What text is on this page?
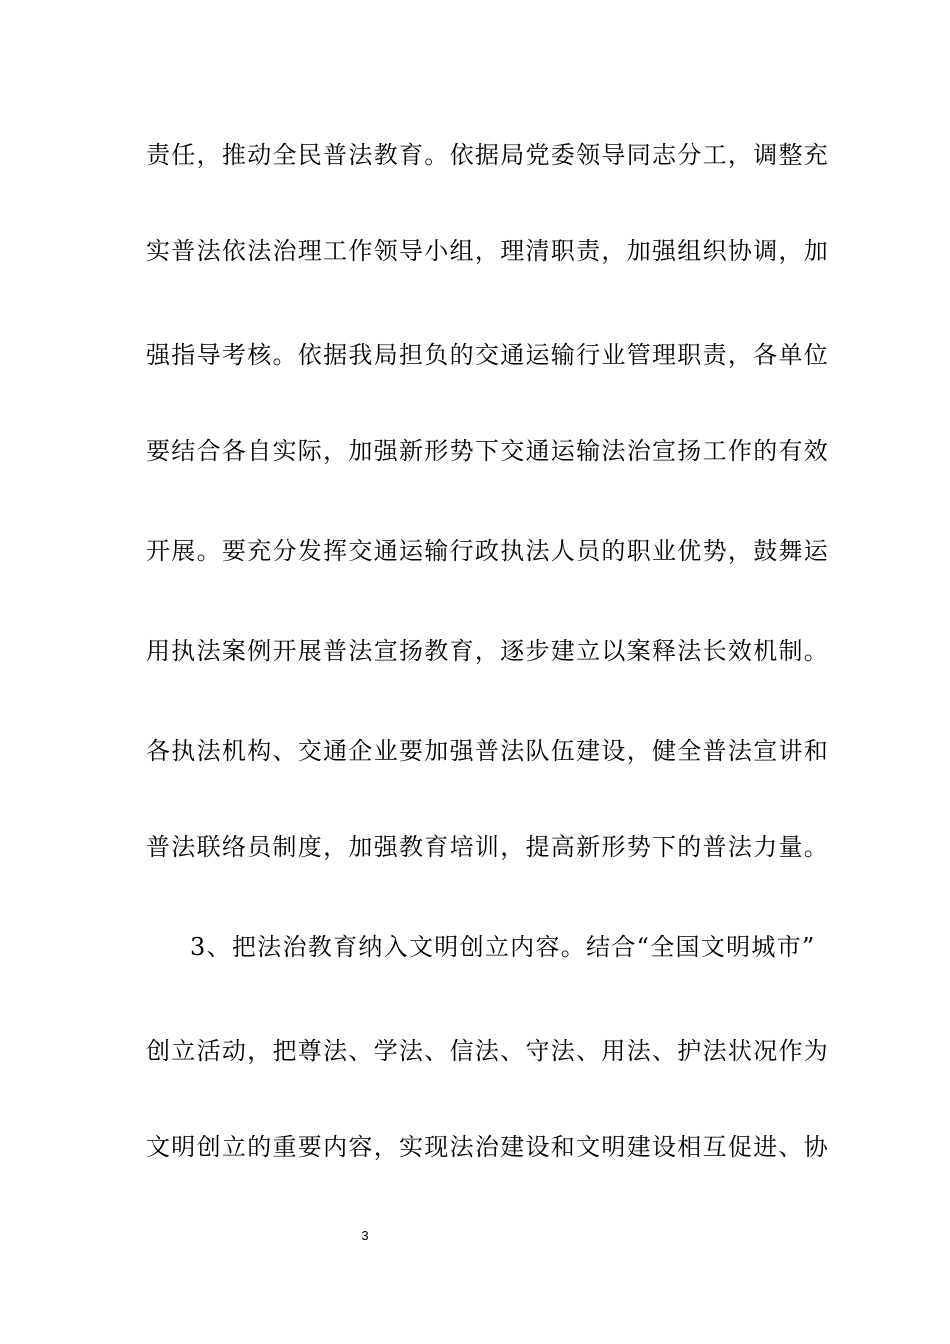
责任，推动全民普法教育。依据局党委领导同志分工，调整充
实普法依法治理工作领导小组，理清职责，加强组织协调，加
强指导考核。依据我局担负的交通运输行业管理职责，各单位
要结合各自实际，加强新形势下交通运输法治宣扬工作的有效
开展。要充分发挥交通运输行政执法人员的职业优势，鼓舞运
用执法案例开展普法宣扬教育，逐步建立以案释法长效机制。
各执法机构、交通企业要加强普法队伍建设，健全普法宣讲和
普法联络员制度，加强教育培训，提高新形势下的普法力量。
3、把法治教育纳入文明创立内容。结合“全国文明城市”
创立活动，把尊法、学法、信法、守法、用法、护法状况作为
文明创立的重要内容，实现法治建设和文明建设相互促进、协
3
